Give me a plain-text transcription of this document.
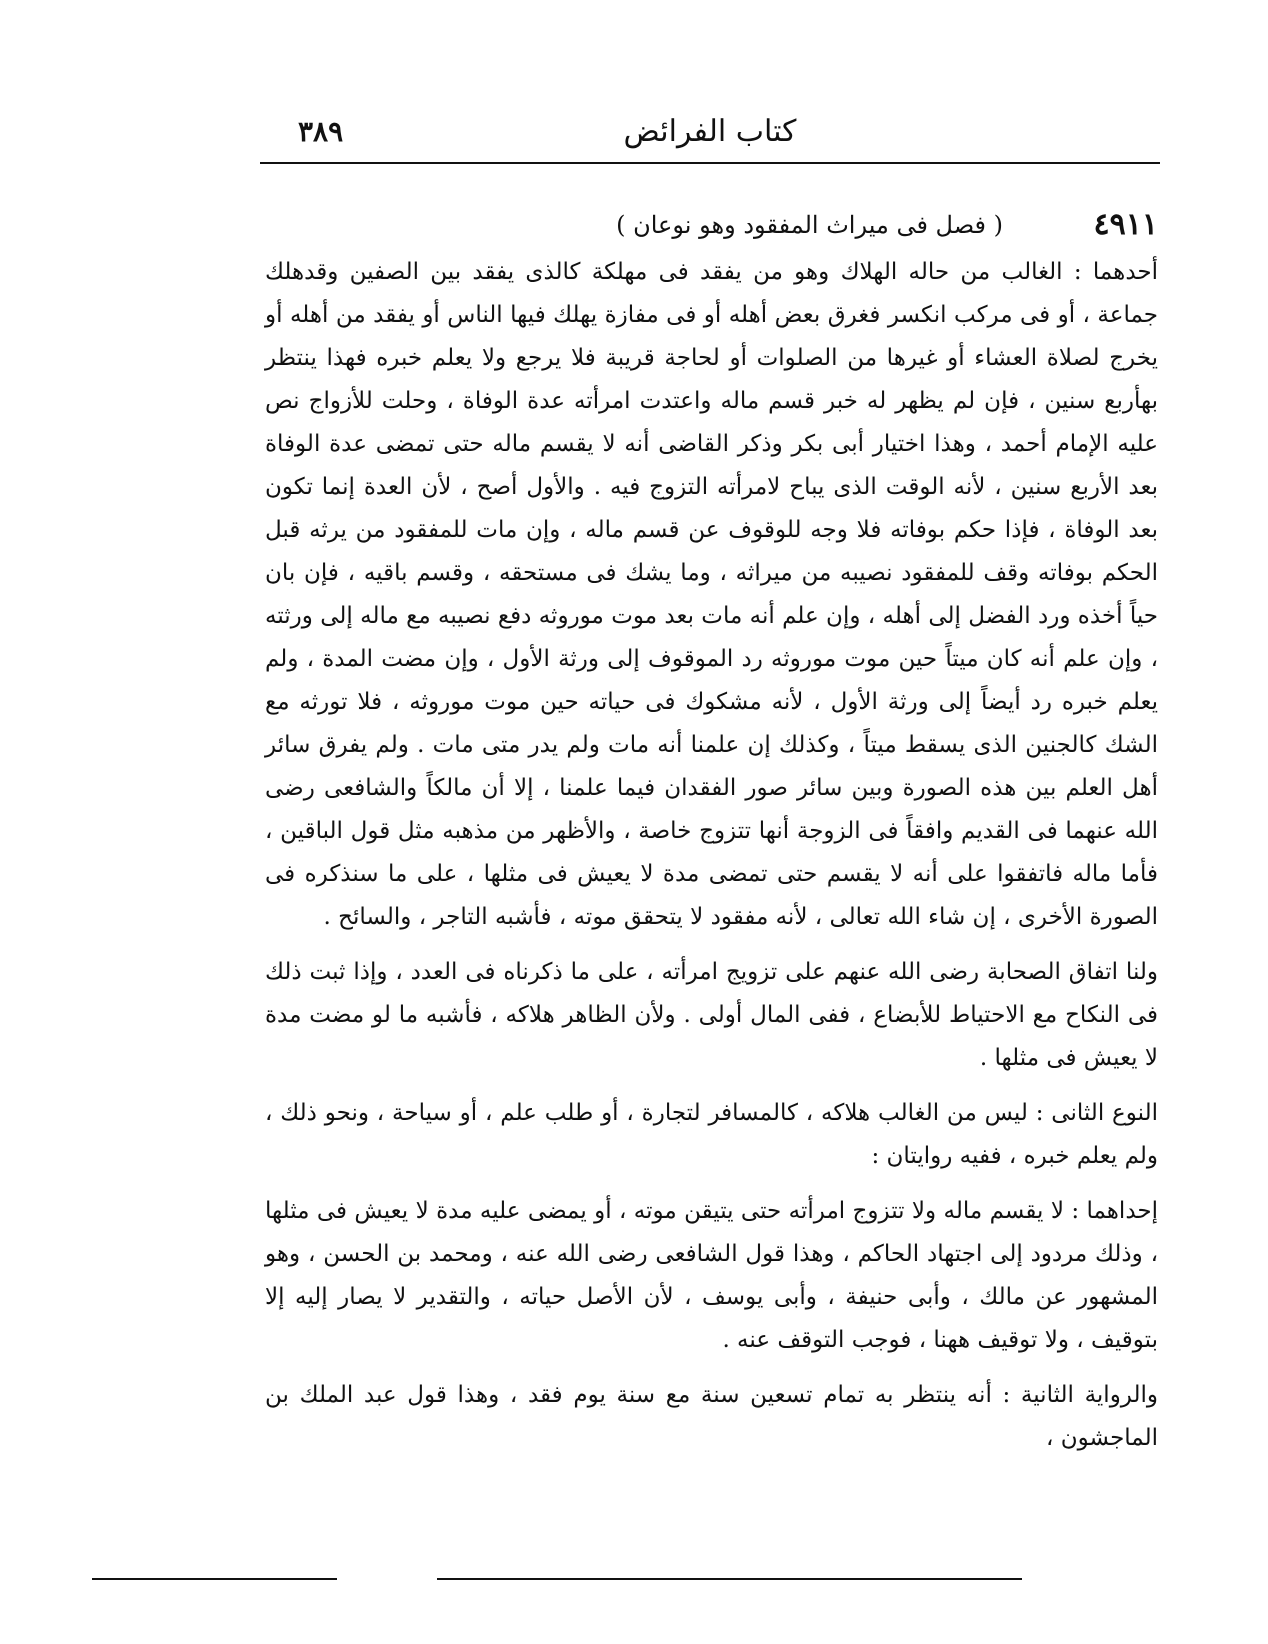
كتاب الفرائض
٣٨٩
٤٩١١
( فصل فى ميراث المفقود وهو نوعان )

أحدهما : الغالب من حاله الهلاك وهو من يفقد فى مهلكة كالذى يفقد بين الصفين وقدهلك جماعة ، أو فى مركب انكسر فغرق بعض أهله أو فى مفازة يهلك فيها الناس أو يفقد من أهله أو يخرج لصلاة العشاء أو غيرها من الصلوات أو لحاجة قريبة فلا يرجع ولا يعلم خبره فهذا ينتظر بهأربع سنين ، فإن لم يظهر له خبر قسم ماله واعتدت امرأته عدة الوفاة ، وحلت للأزواج نص عليه الإمام أحمد ، وهذا اختيار أبى بكر وذكر القاضى أنه لا يقسم ماله حتى تمضى عدة الوفاة بعد الأربع سنين ، لأنه الوقت الذى يباح لامرأته التزوج فيه . والأول أصح ، لأن العدة إنما تكون بعد الوفاة ، فإذا حكم بوفاته فلا وجه للوقوف عن قسم ماله ، وإن مات للمفقود من يرثه قبل الحكم بوفاته وقف للمفقود نصيبه من ميراثه ، وما يشك فى مستحقه ، وقسم باقيه ، فإن بان حياً أخذه ورد الفضل إلى أهله ، وإن علم أنه مات بعد موت موروثه دفع نصيبه مع ماله إلى ورثته ، وإن علم أنه كان ميتاً حين موت موروثه رد الموقوف إلى ورثة الأول ، وإن مضت المدة ، ولم يعلم خبره رد أيضاً إلى ورثة الأول ، لأنه مشكوك فى حياته حين موت موروثه ، فلا تورثه مع الشك كالجنين الذى يسقط ميتاً ، وكذلك إن علمنا أنه مات ولم يدر متى مات . ولم يفرق سائر أهل العلم بين هذه الصورة وبين سائر صور الفقدان فيما علمنا ، إلا أن مالكاً والشافعى رضى الله عنهما فى القديم وافقاً فى الزوجة أنها تتزوج خاصة ، والأظهر من مذهبه مثل قول الباقين ، فأما ماله فاتفقوا على أنه لا يقسم حتى تمضى مدة لا يعيش فى مثلها ، على ما سنذكره فى الصورة الأخرى ، إن شاء الله تعالى ، لأنه مفقود لا يتحقق موته ، فأشبه التاجر ، والسائح .

ولنا اتفاق الصحابة رضى الله عنهم على تزويج امرأته ، على ما ذكرناه فى العدد ، وإذا ثبت ذلك فى النكاح مع الاحتياط للأبضاع ، ففى المال أولى . ولأن الظاهر هلاكه ، فأشبه ما لو مضت مدة لا يعيش فى مثلها .

النوع الثانى : ليس من الغالب هلاكه ، كالمسافر لتجارة ، أو طلب علم ، أو سياحة ، ونحو ذلك ، ولم يعلم خبره ، ففيه روايتان :

إحداهما : لا يقسم ماله ولا تتزوج امرأته حتى يتيقن موته ، أو يمضى عليه مدة لا يعيش فى مثلها ، وذلك مردود إلى اجتهاد الحاكم ، وهذا قول الشافعى رضى الله عنه ، ومحمد بن الحسن ، وهو المشهور عن مالك ، وأبى حنيفة ، وأبى يوسف ، لأن الأصل حياته ، والتقدير لا يصار إليه إلا بتوقيف ، ولا توقيف ههنا ، فوجب التوقف عنه .

والرواية الثانية : أنه ينتظر به تمام تسعين سنة مع سنة يوم فقد ، وهذا قول عبد الملك بن الماجشون ،
